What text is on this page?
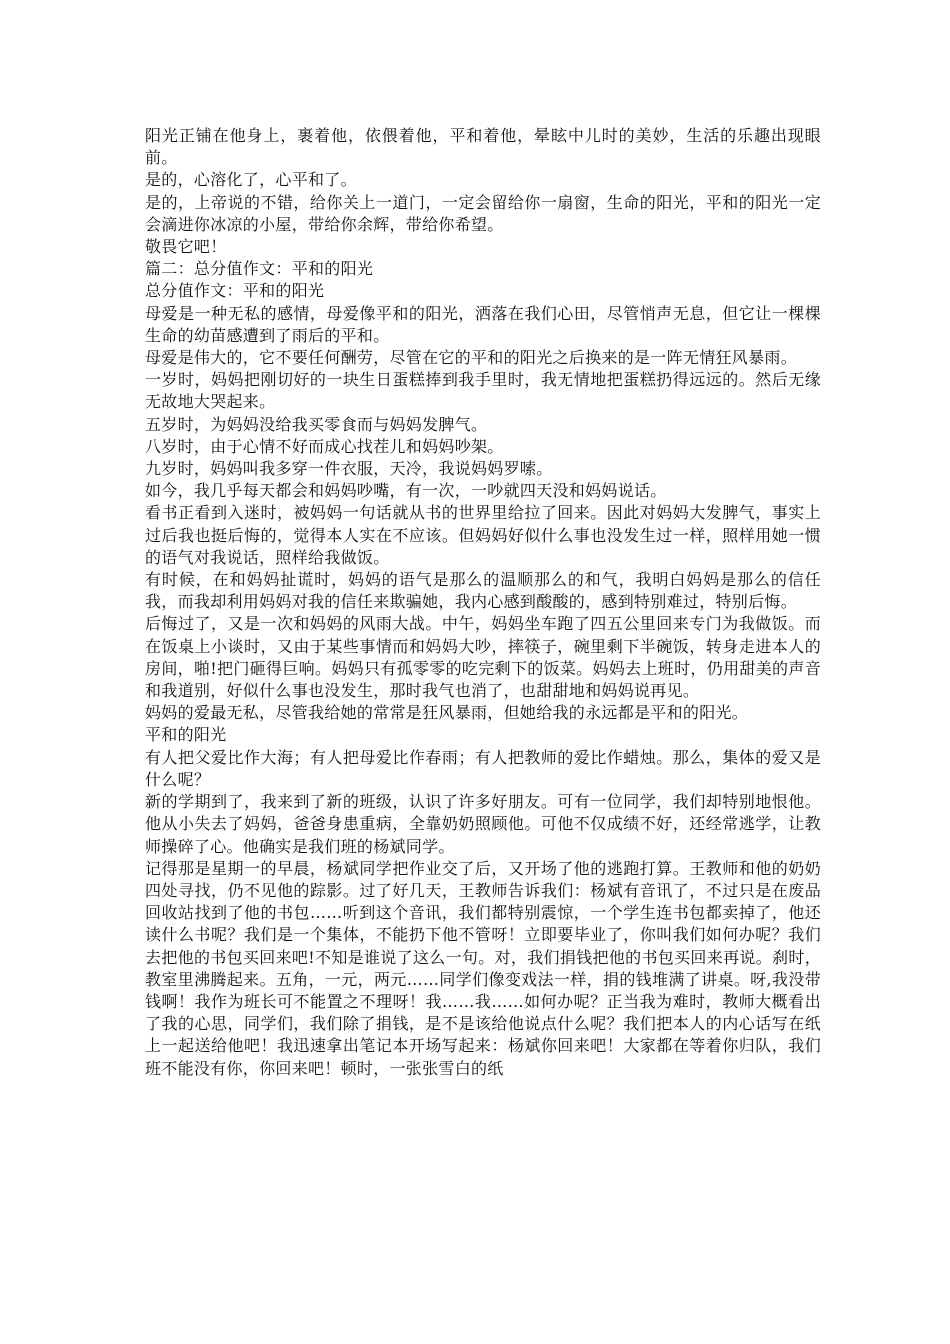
阳光正铺在他身上，裹着他，依偎着他，平和着他，晕眩中儿时的美妙，生活的乐趣出现眼前。

是的，心溶化了，心平和了。

是的，上帝说的不错，给你关上一道门，一定会留给你一扇窗，生命的阳光，平和的阳光一定会滴进你冰凉的小屋，带给你余辉，带给你希望。

敬畏它吧！

篇二：总分值作文：平和的阳光

总分值作文：平和的阳光

母爱是一种无私的感情，母爱像平和的阳光，洒落在我们心田，尽管悄声无息，但它让一棵棵生命的幼苗感遭到了雨后的平和。

母爱是伟大的，它不要任何酬劳，尽管在它的平和的阳光之后换来的是一阵无情狂风暴雨。

一岁时，妈妈把刚切好的一块生日蛋糕捧到我手里时，我无情地把蛋糕扔得远远的。然后无缘无故地大哭起来。

五岁时，为妈妈没给我买零食而与妈妈发脾气。

八岁时，由于心情不好而成心找茬儿和妈妈吵架。

九岁时，妈妈叫我多穿一件衣服，天冷，我说妈妈罗嗦。

如今，我几乎每天都会和妈妈吵嘴，有一次，一吵就四天没和妈妈说话。

看书正看到入迷时，被妈妈一句话就从书的世界里给拉了回来。因此对妈妈大发脾气，事实上过后我也挺后悔的，觉得本人实在不应该。但妈妈好似什么事也没发生过一样，照样用她一惯的语气对我说话，照样给我做饭。

有时候，在和妈妈扯谎时，妈妈的语气是那么的温顺那么的和气，我明白妈妈是那么的信任我，而我却利用妈妈对我的信任来欺骗她，我内心感到酸酸的，感到特别难过，特别后悔。

后悔过了，又是一次和妈妈的风雨大战。中午，妈妈坐车跑了四五公里回来专门为我做饭。而在饭桌上小谈时，又由于某些事情而和妈妈大吵，摔筷子，碗里剩下半碗饭，转身走进本人的房间，啪!把门砸得巨响。妈妈只有孤零零的吃完剩下的饭菜。妈妈去上班时，仍用甜美的声音和我道别，好似什么事也没发生，那时我气也消了，也甜甜地和妈妈说再见。

妈妈的爱最无私，尽管我给她的常常是狂风暴雨，但她给我的永远都是平和的阳光。

平和的阳光

有人把父爱比作大海；有人把母爱比作春雨；有人把教师的爱比作蜡烛。那么，集体的爱又是什么呢？

新的学期到了，我来到了新的班级，认识了许多好朋友。可有一位同学，我们却特别地恨他。他从小失去了妈妈，爸爸身患重病，全靠奶奶照顾他。可他不仅成绩不好，还经常逃学，让教师操碎了心。他确实是我们班的杨斌同学。

记得那是星期一的早晨，杨斌同学把作业交了后，又开场了他的逃跑打算。王教师和他的奶奶四处寻找，仍不见他的踪影。过了好几天，王教师告诉我们：杨斌有音讯了，不过只是在废品回收站找到了他的书包……听到这个音讯，我们都特别震惊，一个学生连书包都卖掉了，他还读什么书呢？我们是一个集体，不能扔下他不管呀！立即要毕业了，你叫我们如何办呢？我们去把他的书包买回来吧!不知是谁说了这么一句。对，我们捐钱把他的书包买回来再说。刹时，教室里沸腾起来。五角，一元，两元……同学们像变戏法一样，捐的钱堆满了讲桌。呀,我没带钱啊！我作为班长可不能置之不理呀！我……我……如何办呢？正当我为难时，教师大概看出了我的心思，同学们，我们除了捐钱，是不是该给他说点什么呢？我们把本人的内心话写在纸上一起送给他吧！我迅速拿出笔记本开场写起来：杨斌你回来吧！大家都在等着你归队，我们班不能没有你，你回来吧！顿时，一张张雪白的纸
